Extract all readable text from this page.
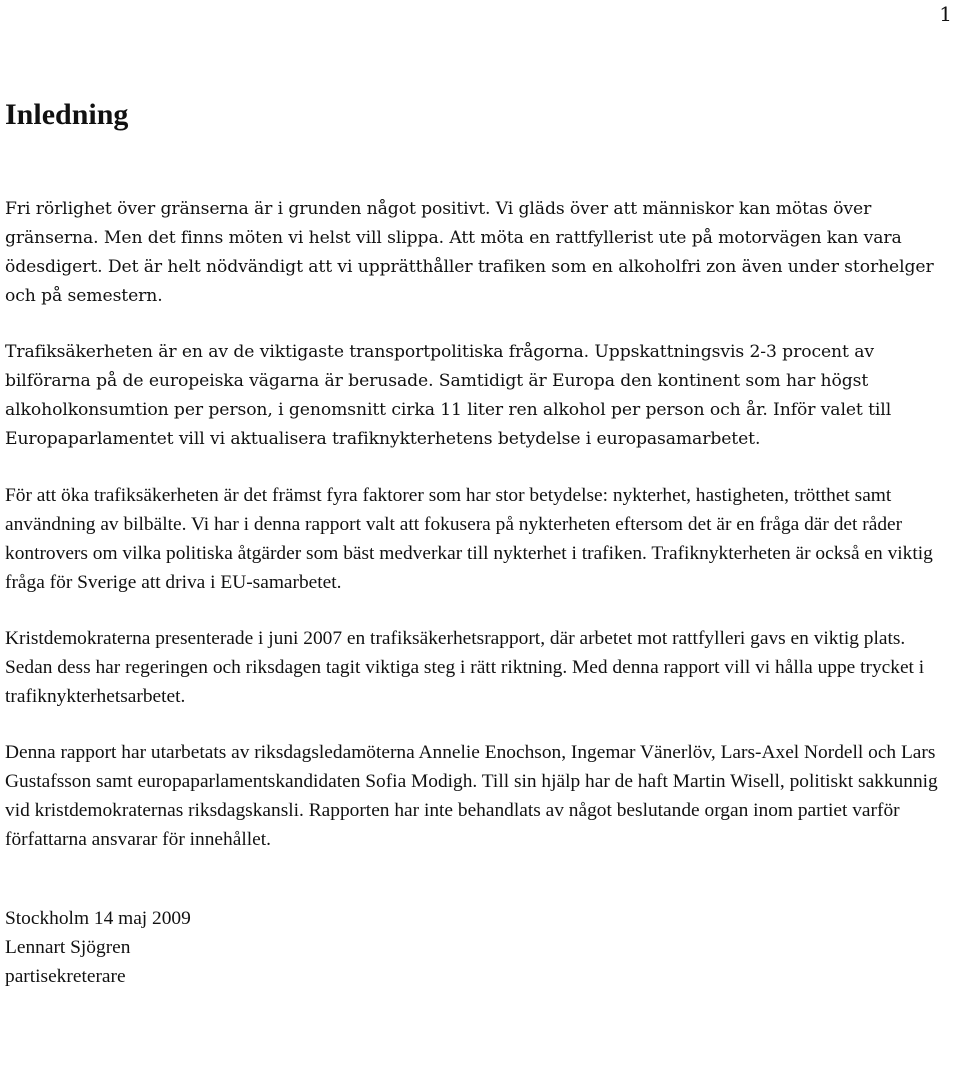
1
Inledning

Fri rörlighet över gränserna är i grunden något positivt. Vi gläds över att människor kan mötas över gränserna. Men det finns möten vi helst vill slippa. Att möta en rattfyllerist ute på motorvägen kan vara ödesdigert. Det är helt nödvändigt att vi upprätthåller trafiken som en alkoholfri zon även under storhelger och på semestern.

Trafiksäkerheten är en av de viktigaste transportpolitiska frågorna. Uppskattningsvis 2-3 procent av bilförarna på de europeiska vägarna är berusade. Samtidigt är Europa den kontinent som har högst alkoholkonsumtion per person, i genomsnitt cirka 11 liter ren alkohol per person och år. Inför valet till Europaparlamentet vill vi aktualisera trafiknykterhetens betydelse i europasamarbetet.

För att öka trafiksäkerheten är det främst fyra faktorer som har stor betydelse: nykterhet, hastigheten, trötthet samt användning av bilbälte. Vi har i denna rapport valt att fokusera på nykterheten eftersom det är en fråga där det råder kontrovers om vilka politiska åtgärder som bäst medverkar till nykterhet i trafiken. Trafiknykterheten är också en viktig fråga för Sverige att driva i EU-samarbetet.

Kristdemokraterna presenterade i juni 2007 en trafiksäkerhetsrapport, där arbetet mot rattfylleri gavs en viktig plats. Sedan dess har regeringen och riksdagen tagit viktiga steg i rätt riktning. Med denna rapport vill vi hålla uppe trycket i trafiknykterhetsarbetet.

Denna rapport har utarbetats av riksdagsledamöterna Annelie Enochson, Ingemar Vänerlöv, Lars-Axel Nordell och Lars Gustafsson samt europaparlamentskandidaten Sofia Modigh. Till sin hjälp har de haft Martin Wisell, politiskt sakkunnig vid kristdemokraternas riksdagskansli. Rapporten har inte behandlats av något beslutande organ inom partiet varför författarna ansvarar för innehållet.

Stockholm 14 maj 2009
Lennart Sjögren
partisekreterare
